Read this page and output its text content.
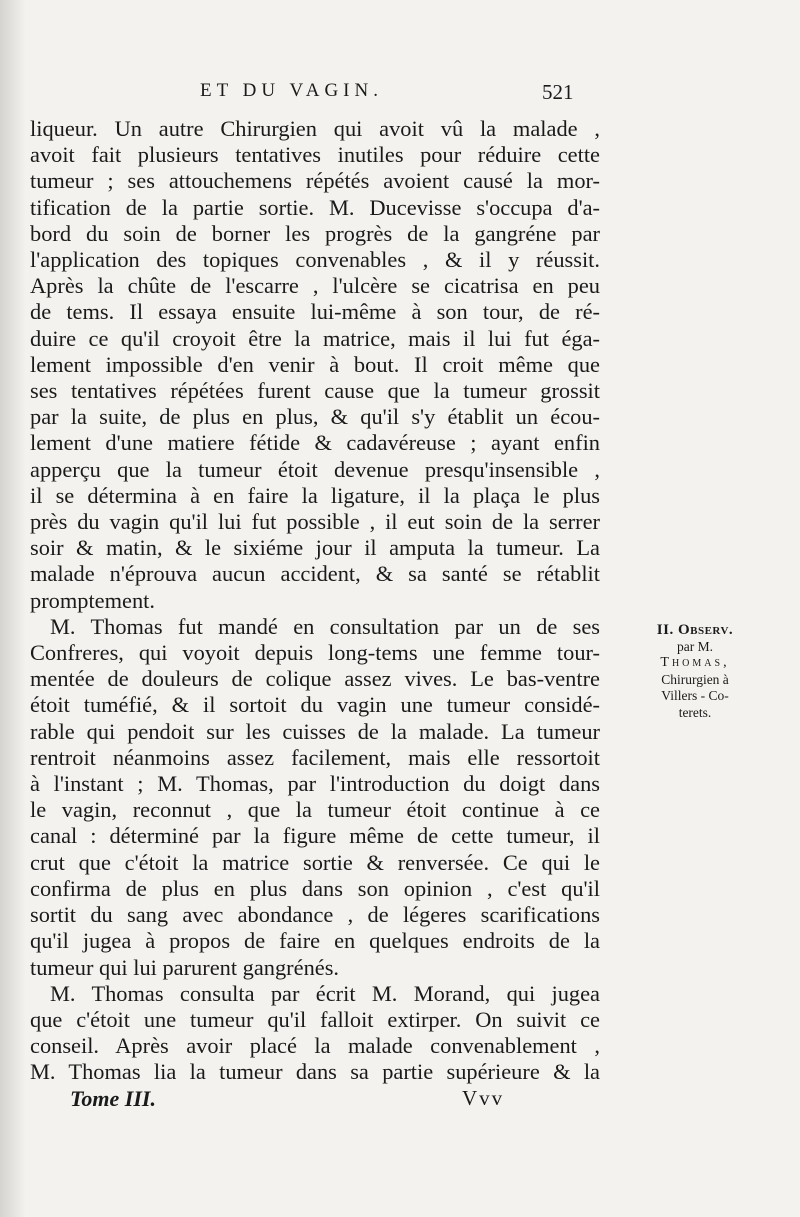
ET DU VAGIN.	521
liqueur. Un autre Chirurgien qui avoit vû la malade ,
avoit fait plusieurs tentatives inutiles pour réduire cette
tumeur ; ses attouchemens répétés avoient causé la mor-
tification de la partie sortie. M. Ducevisse s'occupa d'a-
bord du soin de borner les progrès de la gangréne par
l'application des topiques convenables , & il y réussit.
Après la chûte de l'escarre , l'ulcère se cicatrisa en peu
de tems. Il essaya ensuite lui-même à son tour, de ré-
duire ce qu'il croyoit être la matrice, mais il lui fut éga-
lement impossible d'en venir à bout. Il croit même que
ses tentatives répétées furent cause que la tumeur grossit
par la suite, de plus en plus, & qu'il s'y établit un écou-
lement d'une matiere fétide & cadavéreuse ; ayant enfin
apperçu que la tumeur étoit devenue presqu'insensible ,
il se détermina à en faire la ligature, il la plaça le plus
près du vagin qu'il lui fut possible , il eut soin de la serrer
soir & matin, & le sixiéme jour il amputa la tumeur. La
malade n'éprouva aucun accident, & sa santé se rétablit
promptement.
M. Thomas fut mandé en consultation par un de ses
Confreres, qui voyoit depuis long-tems une femme tour-
mentée de douleurs de colique assez vives. Le bas-ventre
étoit tuméfié, & il sortoit du vagin une tumeur considé-
rable qui pendoit sur les cuisses de la malade. La tumeur
rentroit néanmoins assez facilement, mais elle ressortoit
à l'instant ; M. Thomas, par l'introduction du doigt dans
le vagin, reconnut , que la tumeur étoit continue à ce
canal : déterminé par la figure même de cette tumeur, il
crut que c'étoit la matrice sortie & renversée. Ce qui le
confirma de plus en plus dans son opinion , c'est qu'il
sortit du sang avec abondance , de légeres scarifications
qu'il jugea à propos de faire en quelques endroits de la
tumeur qui lui parurent gangrénés.
M. Thomas consulta par écrit M. Morand, qui jugea
que c'étoit une tumeur qu'il falloit extirper. On suivit ce
conseil. Après avoir placé la malade convenablement ,
M. Thomas lia la tumeur dans sa partie supérieure & la
II. Observ.
par M.
Thomas,
Chirurgien à
Villers - Co-
terets.
Tome III.	Vvv
